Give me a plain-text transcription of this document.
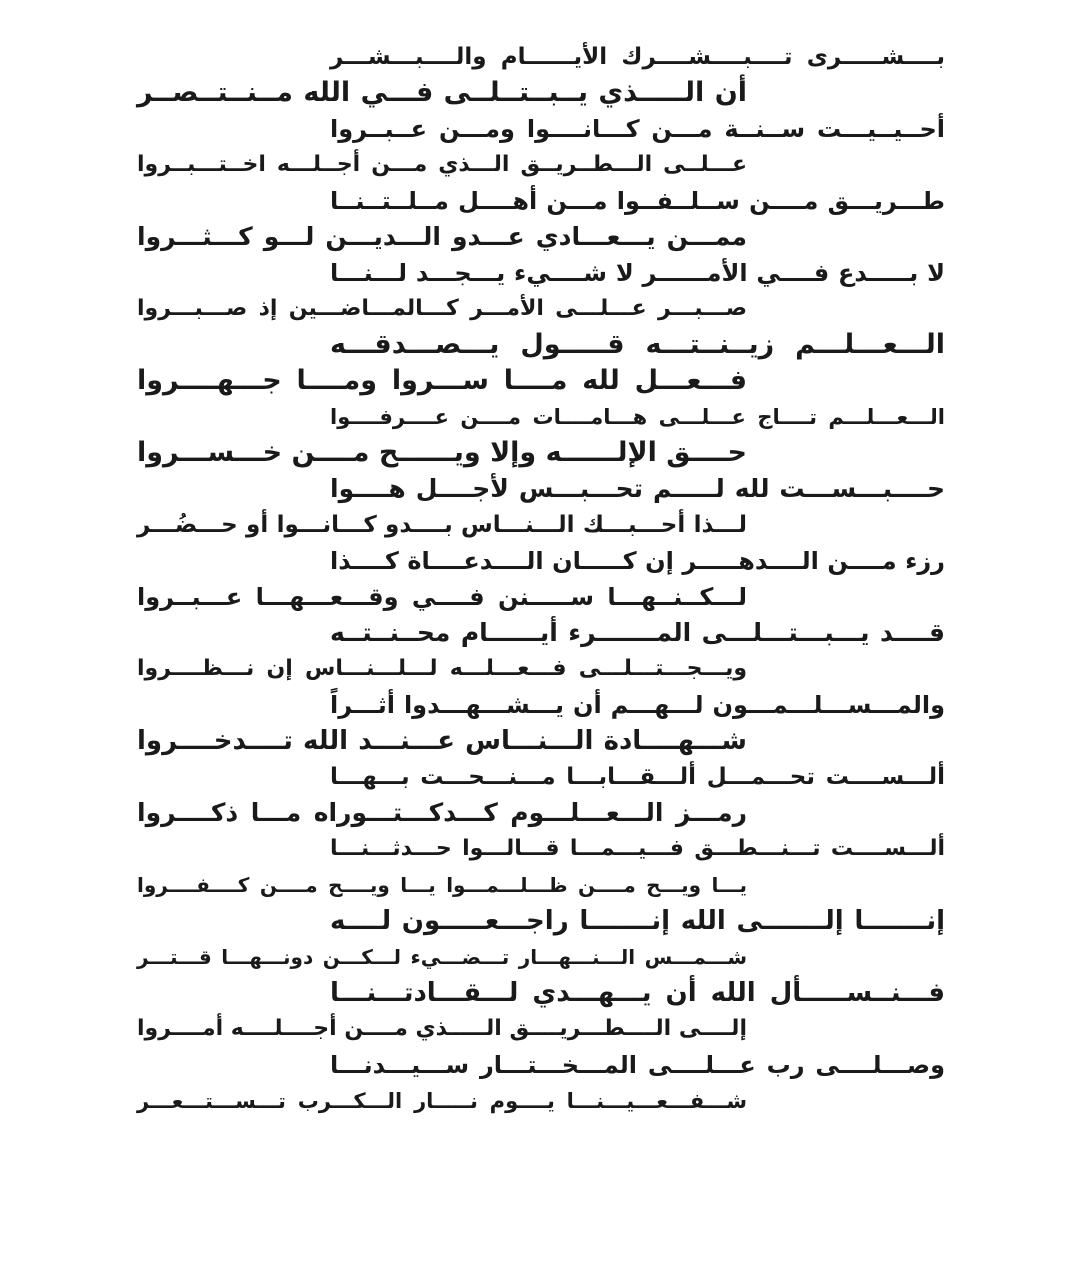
بــــشـــــرى تــــبــــشــــرك الأيــــــام والــــبـــشـــر
أن الـــــذي يــبــتــلــى فـــي الله مــنــتــصــر
أحــيــيـــت ســنــة مـــن كـــانــــوا ومـــن عــبــروا
عـــلــى الـــطــريــق الـــذي مـــن أجــلـــه اخــتـــبــروا
طـــريـــق مــــن ســلــفــوا مـــن أهــــل مــلــتــنــا
ممـــن يـــعـــادي عـــدو الـــديـــن لـــو كـــثـــروا
لا بـــــدع فــــي الأمــــــر لا شــــيء يـــجـــد لـــنـــا
صـــبـــر عـــلـــى الأمـــر كـــالمـــاضـــين إذ صـــبـــروا
الـــعـــلـــم زيــنــتـــه قـــــول يـــصـــدقـــه
فـــعـــل لله مــــا ســـروا ومــــا جـــهــــروا
الـــعـــلـــم تــــاج عـــلـــى هـــامــــات مــــن عــــرفــــوا
حــــق الإلــــــه وإلا ويــــــح مــــن خـــســـروا
حــــبـــســـت لله لـــــم تحـــبـــس لأجــــل هــــوا
لـــذا أحـــبـــك الـــنـــاس بــــدو كـــانـــوا أو حـــضُـــر
رزء مــــن الــــدهـــــر إن كـــــان الــــدعــــاة كــــذا
لـــكــنــهـــا ســـــنن فــــي وقـــعـــهـــا عـــبــروا
قــــد يـــبـــتـــلـــى المـــــــرء أيــــــام محــنــتــه
ويـــجـــتـــلـــى فـــعـــلـــه لـــلـــنـــاس إن نـــظــــروا
والمـــســـلـــمـــون لـــهـــم أن يـــشـــهـــدوا أثـــراً
شـــهــــادة الـــنـــاس عـــنـــد الله تــــدخــــروا
ألـــســــت تحـــمـــل ألـــقـــابـــا مـــنـــحـــت بـــهـــا
رمـــز الـــعـــلـــوم كـــدكـــتـــوراه مـــا ذكــــروا
ألـــســــت تـــنـــطـــق فـــيـــمـــا قـــالـــوا حـــدثـــنـــا
يـــا ويـــح مــــن ظـــلـــمـــوا يـــا ويــــح مــــن كــــفــــروا
إنـــــــا إلـــــــى الله إنـــــــا راجـــعـــــون لــــه
شـــمـــس الـــنـــهـــار تـــضـــيء لـــكـــن دونـــهـــا قـــتـــر
فـــنــســـــأل الله أن يـــهـــدي لـــقـــادتـــنـــا
إلــــى الــــطـــريــــق الـــــذي مــــن أجــــلــــه أمــــروا
وصـــلــــى رب عـــلــــى المـــخـــتـــار ســـيـــدنـــا
شـــفـــعـــيـــنـــا يــــوم نـــــار الـــكـــرب تـــســـتـــعـــر
